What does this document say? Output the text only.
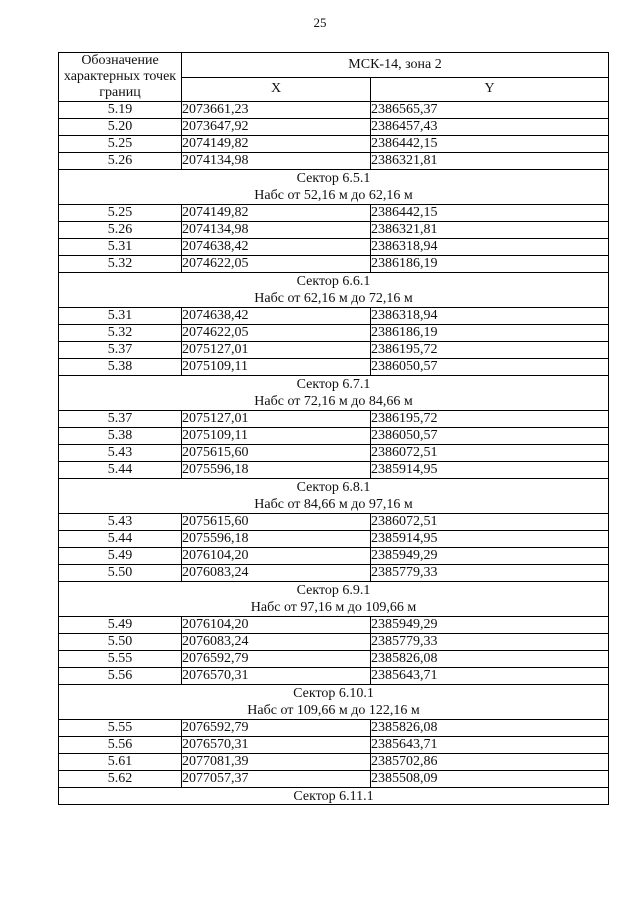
25
Обозначение характерных точек границ	МСК-14, зона 2	
	X	Y
5.19	2073661,23	2386565,37
5.20	2073647,92	2386457,43
5.25	2074149,82	2386442,15
5.26	2074134,98	2386321,81

Сектор 6.5.1
Набс от 52,16 м до 62,16 м		

5.25	2074149,82	2386442,15
5.26	2074134,98	2386321,81
5.31	2074638,42	2386318,94
5.32	2074622,05	2386186,19

Сектор 6.6.1
Набс от 62,16 м до 72,16 м		

5.31	2074638,42	2386318,94
5.32	2074622,05	2386186,19
5.37	2075127,01	2386195,72
5.38	2075109,11	2386050,57

Сектор 6.7.1
Набс от 72,16 м до 84,66 м		

5.37	2075127,01	2386195,72
5.38	2075109,11	2386050,57
5.43	2075615,60	2386072,51
5.44	2075596,18	2385914,95

Сектор 6.8.1
Набс от 84,66 м до 97,16 м		

5.43	2075615,60	2386072,51
5.44	2075596,18	2385914,95
5.49	2076104,20	2385949,29
5.50	2076083,24	2385779,33

Сектор 6.9.1
Набс от 97,16 м до 109,66 м		

5.49	2076104,20	2385949,29
5.50	2076083,24	2385779,33
5.55	2076592,79	2385826,08
5.56	2076570,31	2385643,71

Сектор 6.10.1
Набс от 109,66 м до 122,16 м		

5.55	2076592,79	2385826,08
5.56	2076570,31	2385643,71
5.61	2077081,39	2385702,86
5.62	2077057,37	2385508,09
Сектор 6.11.1		
